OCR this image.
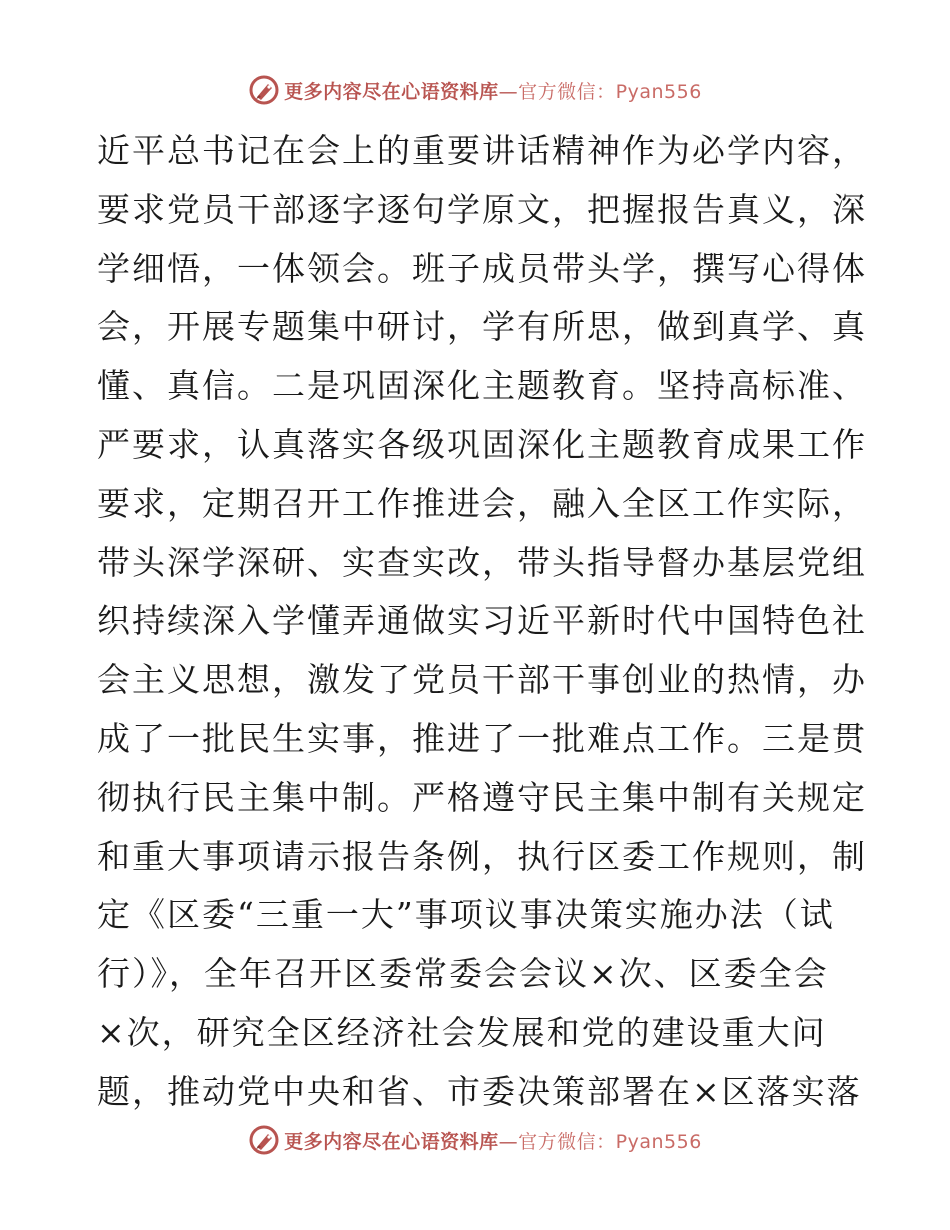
更多内容尽在心语资料库—官方微信：Pyan556
近平总书记在会上的重要讲话精神作为必学内容，
要求党员干部逐字逐句学原文，把握报告真义，深
学细悟，一体领会。班子成员带头学，撰写心得体
会，开展专题集中研讨，学有所思，做到真学、真
懂、真信。二是巩固深化主题教育。坚持高标准、
严要求，认真落实各级巩固深化主题教育成果工作
要求，定期召开工作推进会，融入全区工作实际，
带头深学深研、实查实改，带头指导督办基层党组
织持续深入学懂弄通做实习近平新时代中国特色社
会主义思想，激发了党员干部干事创业的热情，办
成了一批民生实事，推进了一批难点工作。三是贯
彻执行民主集中制。严格遵守民主集中制有关规定
和重大事项请示报告条例，执行区委工作规则，制
定《区委“三重一大”事项议事决策实施办法（试
行）》，全年召开区委常委会会议×次、区委全会
×次，研究全区经济社会发展和党的建设重大问
题，推动党中央和省、市委决策部署在×区落实落
更多内容尽在心语资料库—官方微信：Pyan556
